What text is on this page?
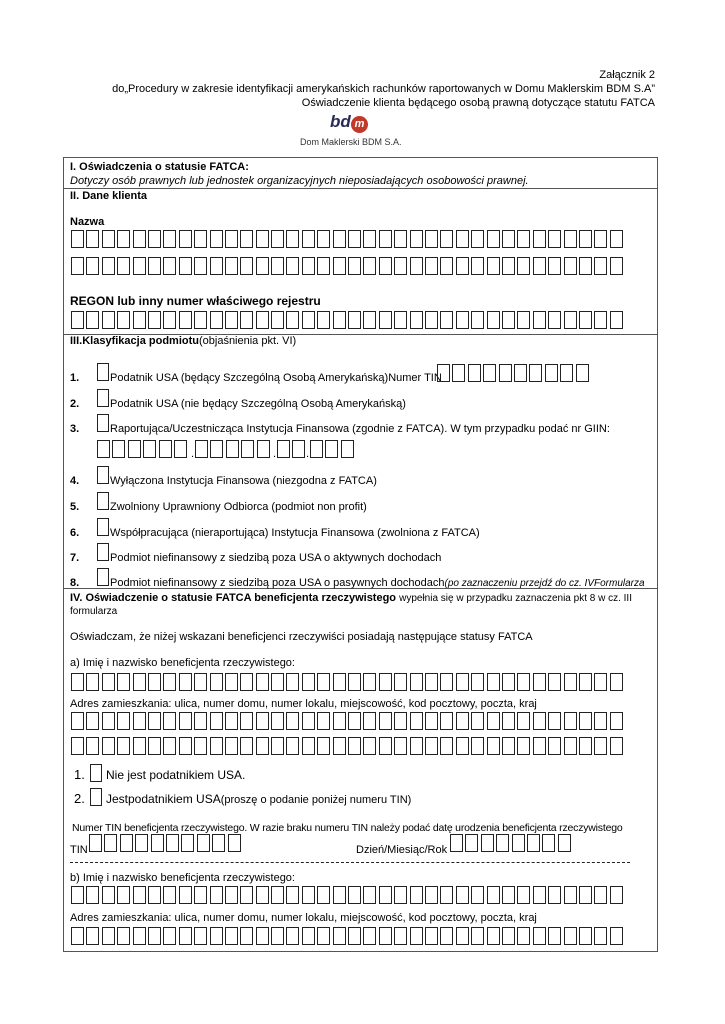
Załącznik 2
do„Procedury w zakresie identyfikacji amerykańskich rachunków raportowanych w Domu Maklerskim BDM S.A”
Oświadczenie klienta będącego osobą prawną dotyczące statutu FATCA
bd m
Dom Maklerski BDM S.A.
I. Oświadczenia o statusie FATCA:
Dotyczy osób prawnych lub jednostek organizacyjnych nieposiadających osobowości prawnej.
II. Dane klienta
Nazwa
REGON lub inny numer właściwego rejestru
III.Klasyfikacja podmiotu(objaśnienia pkt. VI)
1.	Podatnik USA (będący Szczególną Osobą Amerykańską)Numer TIN
2.	Podatnik USA (nie będący Szczególną Osobą Amerykańską)
3.	Raportująca/Uczestnicząca Instytucja Finansowa (zgodnie z FATCA). W tym przypadku podać nr GIIN:
.	.	.
4.	Wyłączona Instytucja Finansowa (niezgodna z FATCA)
5.	Zwolniony Uprawniony Odbiorca (podmiot non profit)
6.	Współpracująca (nieraportująca) Instytucja Finansowa (zwolniona z FATCA)
7.	Podmiot niefinansowy z siedzibą poza USA o aktywnych dochodach
8.	Podmiot niefinansowy z siedzibą poza USA o pasywnych dochodach(po zaznaczeniu przejdź do cz. IVFormularza
IV. Oświadczenie o statusie FATCA beneficjenta rzeczywistego wypełnia się w przypadku zaznaczenia pkt 8 w cz. III
formularza
Oświadczam, że niżej wskazani beneficjenci rzeczywiści posiadają następujące statusy FATCA
a) Imię i nazwisko beneficjenta rzeczywistego:
Adres zamieszkania: ulica, numer domu, numer lokalu, miejscowość, kod pocztowy, poczta, kraj
1. Nie jest podatnikiem USA.
2. Jestpodatnikiem USA(proszę o podanie poniżej numeru TIN)
Numer TIN beneficjenta rzeczywistego. W razie braku numeru TIN należy podać datę urodzenia beneficjenta rzeczywistego
TIN	Dzień/Miesiąc/Rok
b) Imię i nazwisko beneficjenta rzeczywistego:
Adres zamieszkania: ulica, numer domu, numer lokalu, miejscowość, kod pocztowy, poczta, kraj
